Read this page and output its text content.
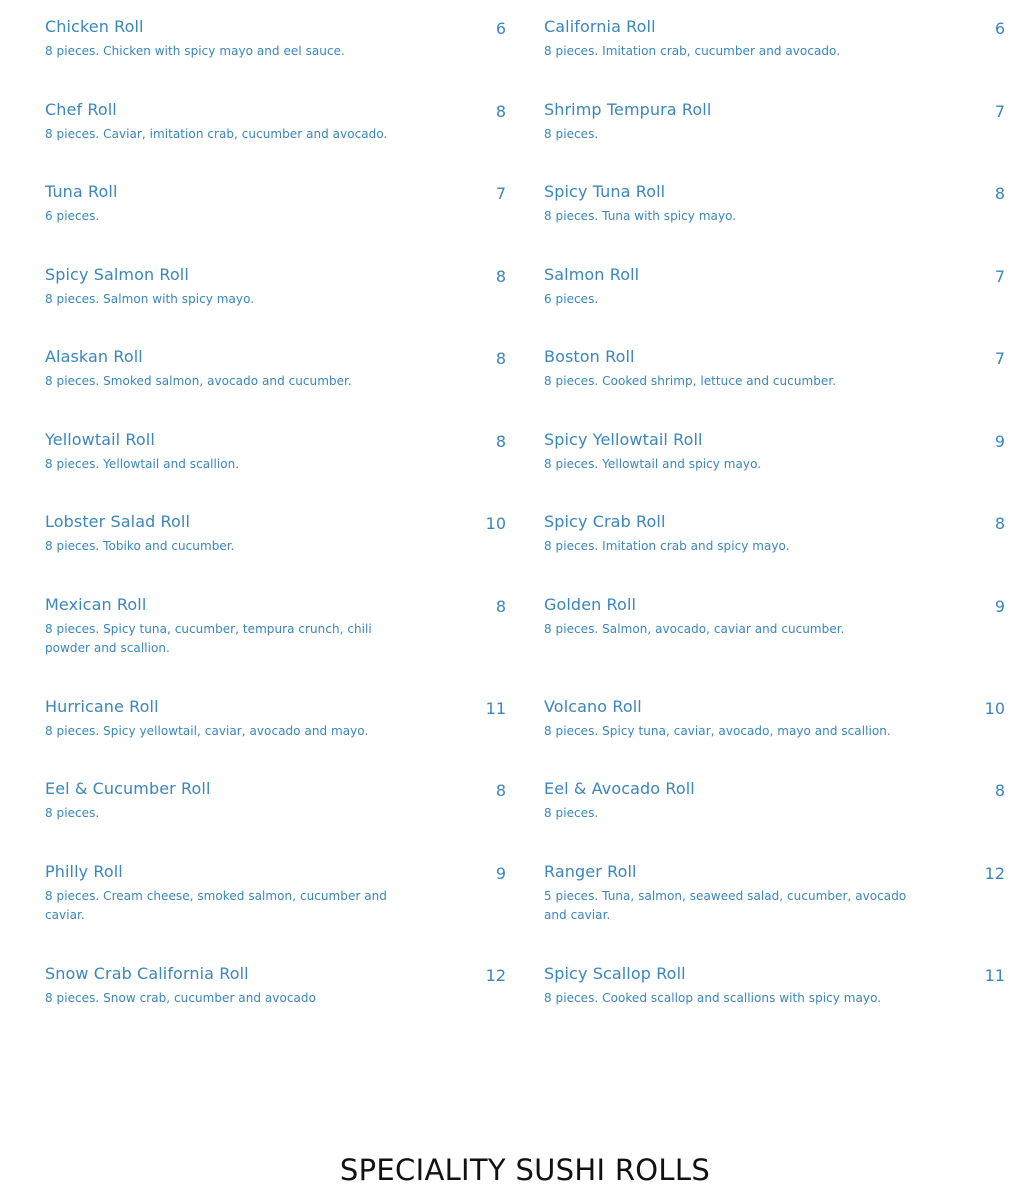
Chicken Roll	6
8 pieces. Chicken with spicy mayo and eel sauce.
Chef Roll	8
8 pieces. Caviar, imitation crab, cucumber and avocado.
Tuna Roll	7
6 pieces.
Spicy Salmon Roll	8
8 pieces. Salmon with spicy mayo.
Alaskan Roll	8
8 pieces. Smoked salmon, avocado and cucumber.
Yellowtail Roll	8
8 pieces. Yellowtail and scallion.
Lobster Salad Roll	10
8 pieces. Tobiko and cucumber.
Mexican Roll	8
8 pieces. Spicy tuna, cucumber, tempura crunch, chili powder and scallion.
Hurricane Roll	11
8 pieces. Spicy yellowtail, caviar, avocado and mayo.
Eel & Cucumber Roll	8
8 pieces.
Philly Roll	9
8 pieces. Cream cheese, smoked salmon, cucumber and caviar.
Snow Crab California Roll	12
8 pieces. Snow crab, cucumber and avocado
California Roll	6
8 pieces. Imitation crab, cucumber and avocado.
Shrimp Tempura Roll	7
8 pieces.
Spicy Tuna Roll	8
8 pieces. Tuna with spicy mayo.
Salmon Roll	7
6 pieces.
Boston Roll	7
8 pieces. Cooked shrimp, lettuce and cucumber.
Spicy Yellowtail Roll	9
8 pieces. Yellowtail and spicy mayo.
Spicy Crab Roll	8
8 pieces. Imitation crab and spicy mayo.
Golden Roll	9
8 pieces. Salmon, avocado, caviar and cucumber.
Volcano Roll	10
8 pieces. Spicy tuna, caviar, avocado, mayo and scallion.
Eel & Avocado Roll	8
8 pieces.
Ranger Roll	12
5 pieces. Tuna, salmon, seaweed salad, cucumber, avocado and caviar.
Spicy Scallop Roll	11
8 pieces. Cooked scallop and scallions with spicy mayo.
SPECIALITY SUSHI ROLLS
